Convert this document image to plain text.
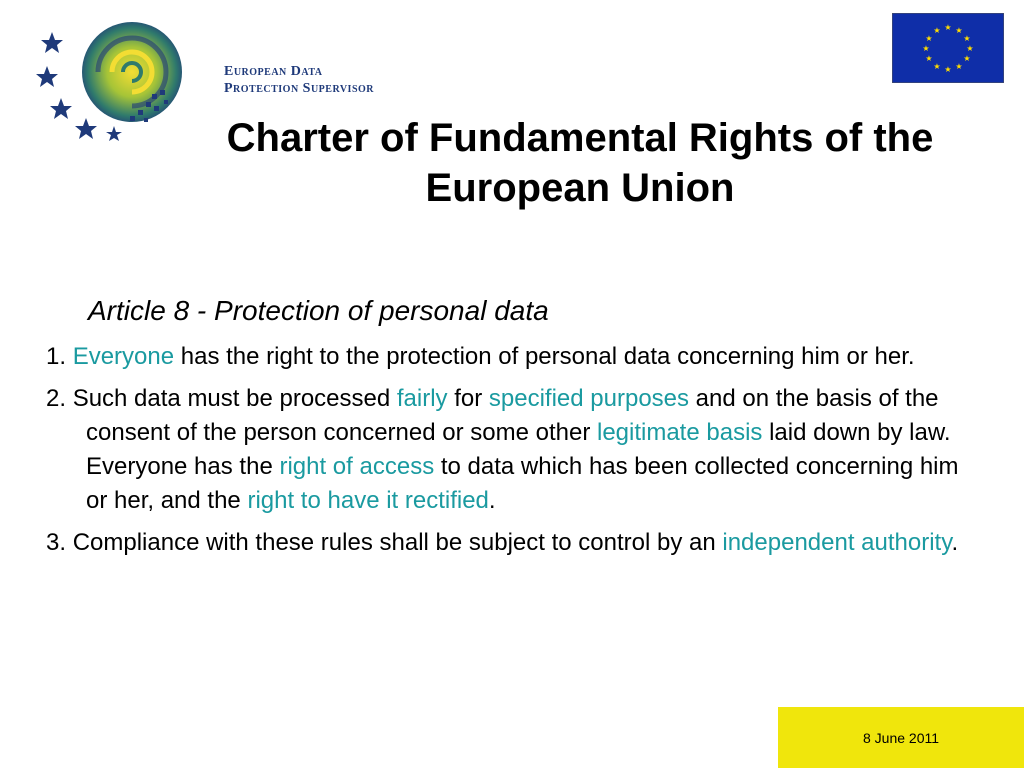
European Data
Protection Supervisor
★ ★
★
★
★
★
★
★
★
★
★
★
Charter of Fundamental Rights of the European Union
Article 8 - Protection of personal data

1. Everyone has the right to the protection of personal data concerning him or her.

2. Such data must be processed fairly for specified purposes and on the basis of the consent of the person concerned or some other legitimate basis laid down by law. Everyone has the right of access to data which has been collected concerning him or her, and the right to have it rectified.

3. Compliance with these rules shall be subject to control by an independent authority.

8 June 2011
